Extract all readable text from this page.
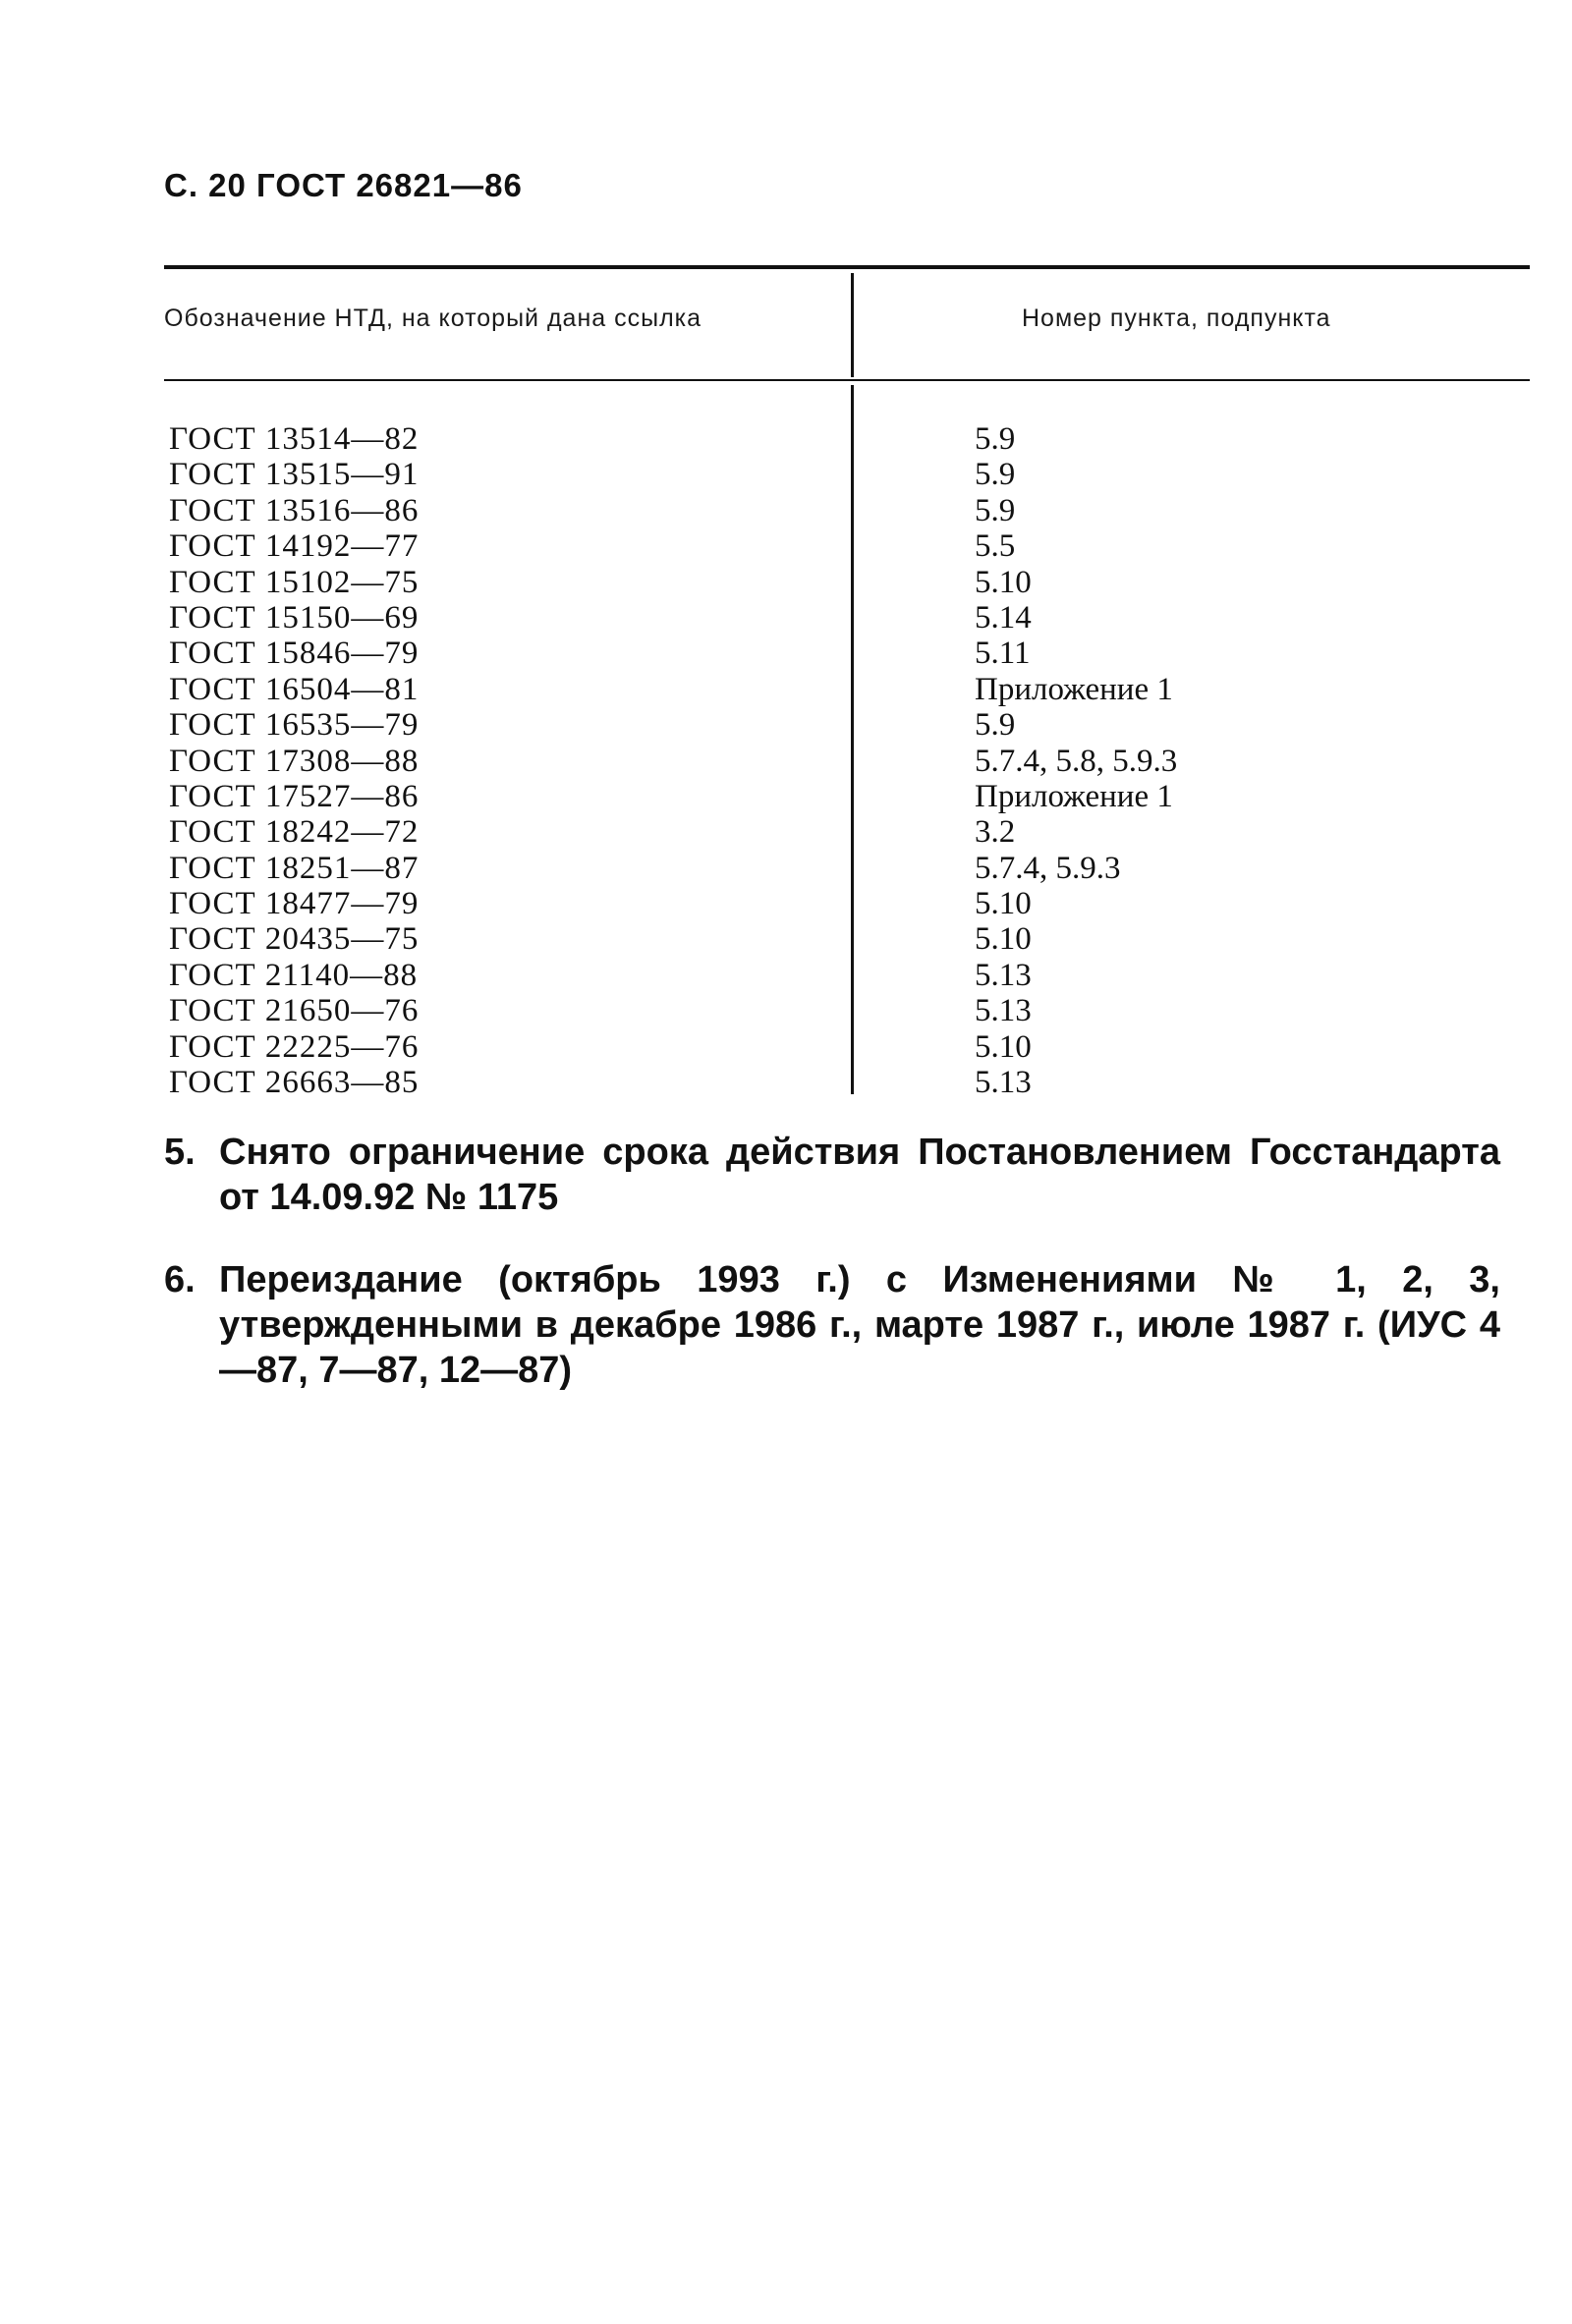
С. 20 ГОСТ 26821—86
Обозначение НТД, на который дана ссылка	Номер пункта, подпункта
ГОСТ 13514—82	5.9
ГОСТ 13515—91	5.9
ГОСТ 13516—86	5.9
ГОСТ 14192—77	5.5
ГОСТ 15102—75	5.10
ГОСТ 15150—69	5.14
ГОСТ 15846—79	5.11
ГОСТ 16504—81	Приложение 1
ГОСТ 16535—79	5.9
ГОСТ 17308—88	5.7.4, 5.8, 5.9.3
ГОСТ 17527—86	Приложение 1
ГОСТ 18242—72	3.2
ГОСТ 18251—87	5.7.4, 5.9.3
ГОСТ 18477—79	5.10
ГОСТ 20435—75	5.10
ГОСТ 21140—88	5.13
ГОСТ 21650—76	5.13
ГОСТ 22225—76	5.10
ГОСТ 26663—85	5.13
5. Снято ограничение срока действия Постановлением Госстандарта от 14.09.92 № 1175
6. Переиздание (октябрь 1993 г.) с Изменениями № 1, 2, 3, утвержденными в декабре 1986 г., марте 1987 г., июле 1987 г. (ИУС 4—87, 7—87, 12—87)
